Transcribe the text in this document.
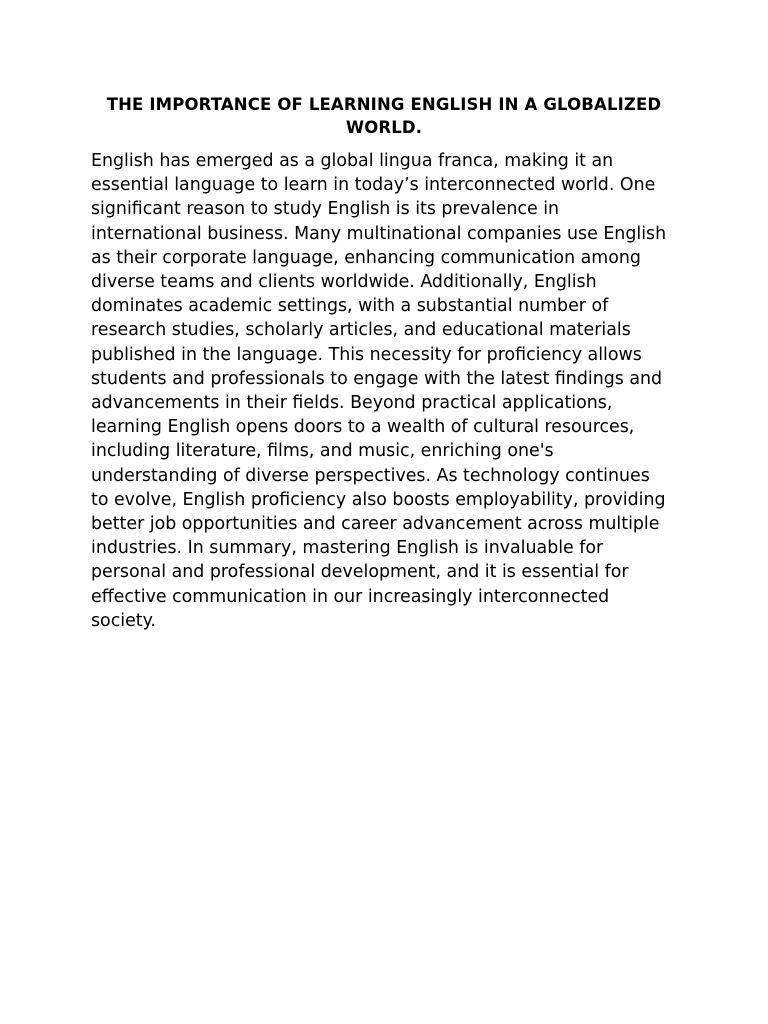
THE IMPORTANCE OF LEARNING ENGLISH IN A GLOBALIZED
WORLD.

English has emerged as a global lingua franca, making it an
essential language to learn in today’s interconnected world. One
significant reason to study English is its prevalence in
international business. Many multinational companies use English
as their corporate language, enhancing communication among
diverse teams and clients worldwide. Additionally, English
dominates academic settings, with a substantial number of
research studies, scholarly articles, and educational materials
published in the language. This necessity for proficiency allows
students and professionals to engage with the latest findings and
advancements in their fields. Beyond practical applications,
learning English opens doors to a wealth of cultural resources,
including literature, films, and music, enriching one's
understanding of diverse perspectives. As technology continues
to evolve, English proficiency also boosts employability, providing
better job opportunities and career advancement across multiple
industries. In summary, mastering English is invaluable for
personal and professional development, and it is essential for
effective communication in our increasingly interconnected
society.
